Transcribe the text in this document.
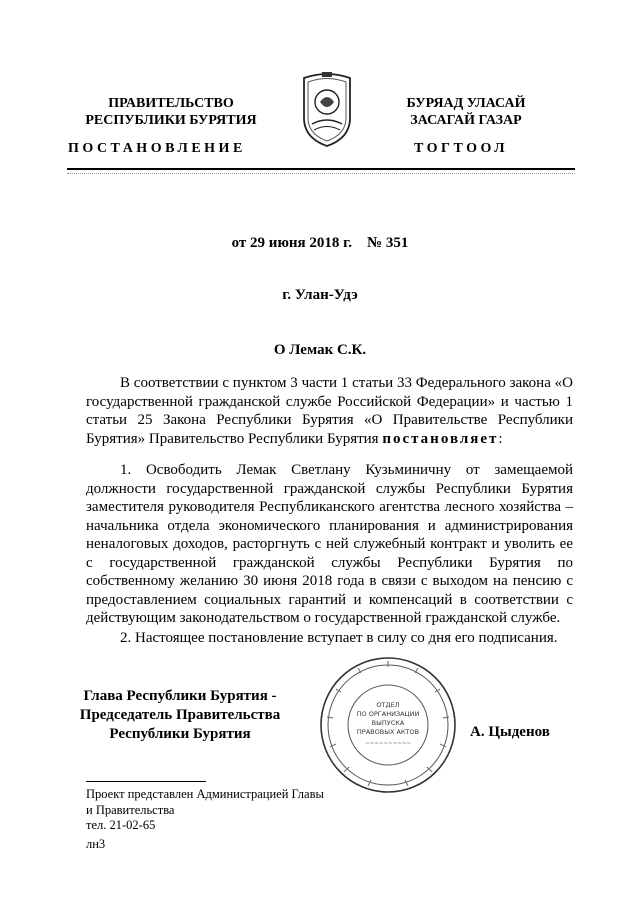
ПРАВИТЕЛЬСТВО
РЕСПУБЛИКИ БУРЯТИЯ
БУРЯАД УЛАСАЙ
ЗАСАГАЙ ГАЗАР
ПОСТАНОВЛЕНИЕ	ТОГТООЛ
от 29 июня 2018 г.    № 351
г. Улан-Удэ
О Лемак С.К.
В соответствии с пунктом 3 части 1 статьи 33 Федерального закона «О государственной гражданской службе Российской Федерации» и частью 1 статьи 25 Закона Республики Бурятия «О Правительстве Республики Бурятия» Правительство Республики Бурятия постановляет:
1. Освободить Лемак Светлану Кузьминичну от замещаемой должности государственной гражданской службы Республики Бурятия заместителя руководителя Республиканского агентства лесного хозяйства – начальника отдела экономического планирования и администрирования неналоговых доходов, расторгнуть с ней служебный контракт и уволить ее с государственной гражданской службы Республики Бурятия по собственному желанию 30 июня 2018 года в связи с выходом на пенсию с предоставлением социальных гарантий и компенсаций в соответствии с действующим законодательством о государственной гражданской службе.
2. Настоящее постановление вступает в силу со дня его подписания.
Глава Республики Бурятия -
Председатель Правительства
Республики Бурятия
ОТДЕЛ
ПО ОРГАНИЗАЦИИ
ВЫПУСКА
ПРАВОВЫХ АКТОВ
~~~~~~~~~~
А. Цыденов
Проект представлен Администрацией Главы
и Правительства
тел. 21-02-65
лн3
